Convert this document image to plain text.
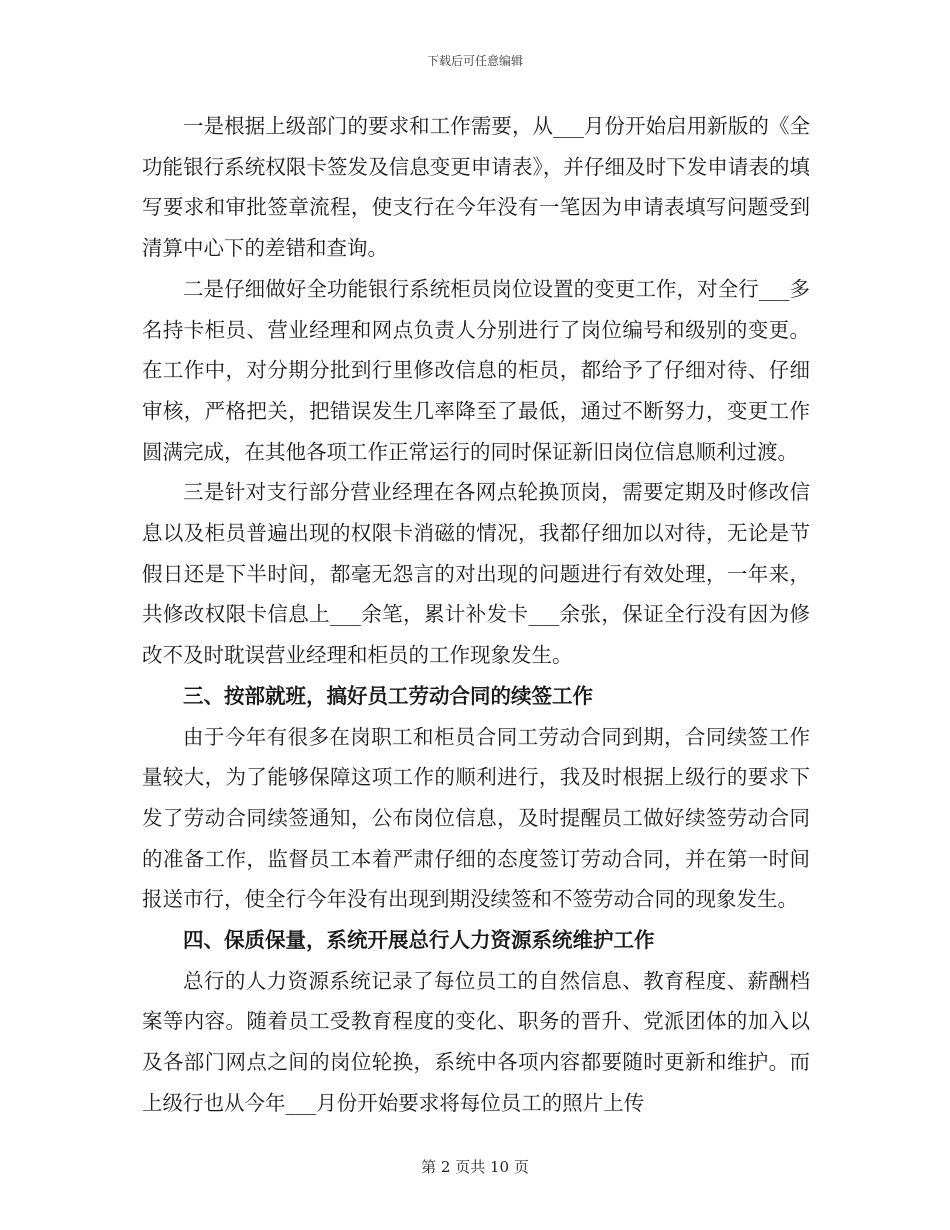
下载后可任意编辑

一是根据上级部门的要求和工作需要，从___月份开始启用新版的《全功能银行系统权限卡签发及信息变更申请表》，并仔细及时下发申请表的填写要求和审批签章流程，使支行在今年没有一笔因为申请表填写问题受到清算中心下的差错和查询。

二是仔细做好全功能银行系统柜员岗位设置的变更工作，对全行___多名持卡柜员、营业经理和网点负责人分别进行了岗位编号和级别的变更。在工作中，对分期分批到行里修改信息的柜员，都给予了仔细对待、仔细审核，严格把关，把错误发生几率降至了最低，通过不断努力，变更工作圆满完成，在其他各项工作正常运行的同时保证新旧岗位信息顺利过渡。

三是针对支行部分营业经理在各网点轮换顶岗，需要定期及时修改信息以及柜员普遍出现的权限卡消磁的情况，我都仔细加以对待，无论是节假日还是下半时间，都毫无怨言的对出现的问题进行有效处理，一年来，共修改权限卡信息上___余笔，累计补发卡___余张，保证全行没有因为修改不及时耽误营业经理和柜员的工作现象发生。

三、按部就班，搞好员工劳动合同的续签工作

由于今年有很多在岗职工和柜员合同工劳动合同到期，合同续签工作量较大，为了能够保障这项工作的顺利进行，我及时根据上级行的要求下发了劳动合同续签通知，公布岗位信息，及时提醒员工做好续签劳动合同的准备工作，监督员工本着严肃仔细的态度签订劳动合同，并在第一时间报送市行，使全行今年没有出现到期没续签和不签劳动合同的现象发生。

四、保质保量，系统开展总行人力资源系统维护工作

总行的人力资源系统记录了每位员工的自然信息、教育程度、薪酬档案等内容。随着员工受教育程度的变化、职务的晋升、党派团体的加入以及各部门网点之间的岗位轮换，系统中各项内容都要随时更新和维护。而上级行也从今年___月份开始要求将每位员工的照片上传

第 2 页共 10 页
